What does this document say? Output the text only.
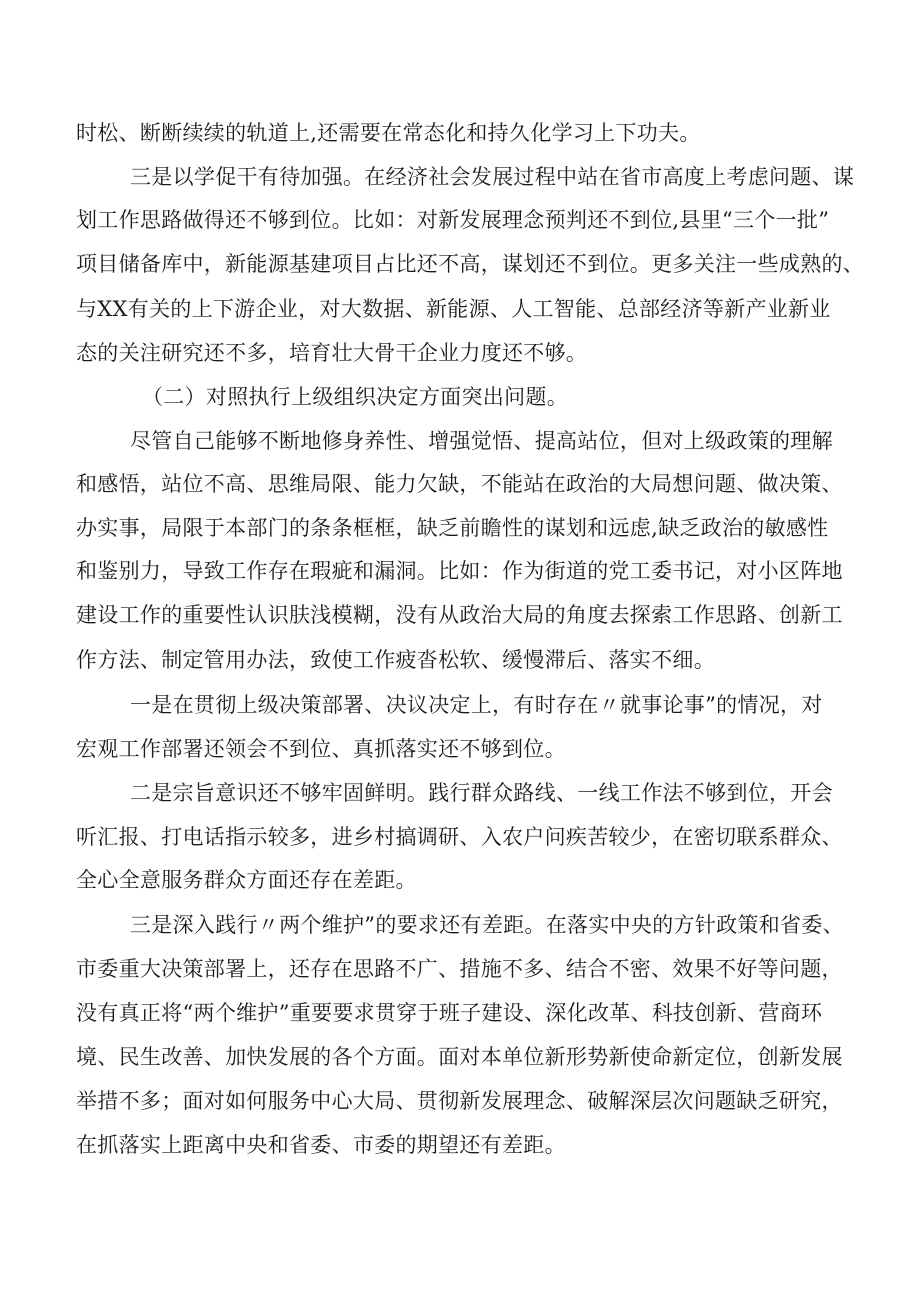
时松、断断续续的轨道上,还需要在常态化和持久化学习上下功夫。
三是以学促干有待加强。在经济社会发展过程中站在省市高度上考虑问题、谋
划工作思路做得还不够到位。比如：对新发展理念预判还不到位,县里“三个一批”
项目储备库中，新能源基建项目占比还不高，谋划还不到位。更多关注一些成熟的、
与XX有关的上下游企业，对大数据、新能源、人工智能、总部经济等新产业新业
态的关注研究还不多，培育壮大骨干企业力度还不够。
（二）对照执行上级组织决定方面突出问题。
尽管自己能够不断地修身养性、增强觉悟、提高站位，但对上级政策的理解
和感悟，站位不高、思维局限、能力欠缺，不能站在政治的大局想问题、做决策、
办实事，局限于本部门的条条框框，缺乏前瞻性的谋划和远虑,缺乏政治的敏感性
和鉴别力，导致工作存在瑕疵和漏洞。比如：作为街道的党工委书记，对小区阵地
建设工作的重要性认识肤浅模糊，没有从政治大局的角度去探索工作思路、创新工
作方法、制定管用办法，致使工作疲沓松软、缓慢滞后、落实不细。
一是在贯彻上级决策部署、决议决定上，有时存在〃就事论事”的情况，对
宏观工作部署还领会不到位、真抓落实还不够到位。
二是宗旨意识还不够牢固鲜明。践行群众路线、一线工作法不够到位，开会
听汇报、打电话指示较多，进乡村搞调研、入农户问疾苦较少，在密切联系群众、
全心全意服务群众方面还存在差距。
三是深入践行〃两个维护”的要求还有差距。在落实中央的方针政策和省委、
市委重大决策部署上，还存在思路不广、措施不多、结合不密、效果不好等问题，
没有真正将“两个维护”重要要求贯穿于班子建设、深化改革、科技创新、营商环
境、民生改善、加快发展的各个方面。面对本单位新形势新使命新定位，创新发展
举措不多；面对如何服务中心大局、贯彻新发展理念、破解深层次问题缺乏研究，
在抓落实上距离中央和省委、市委的期望还有差距。
